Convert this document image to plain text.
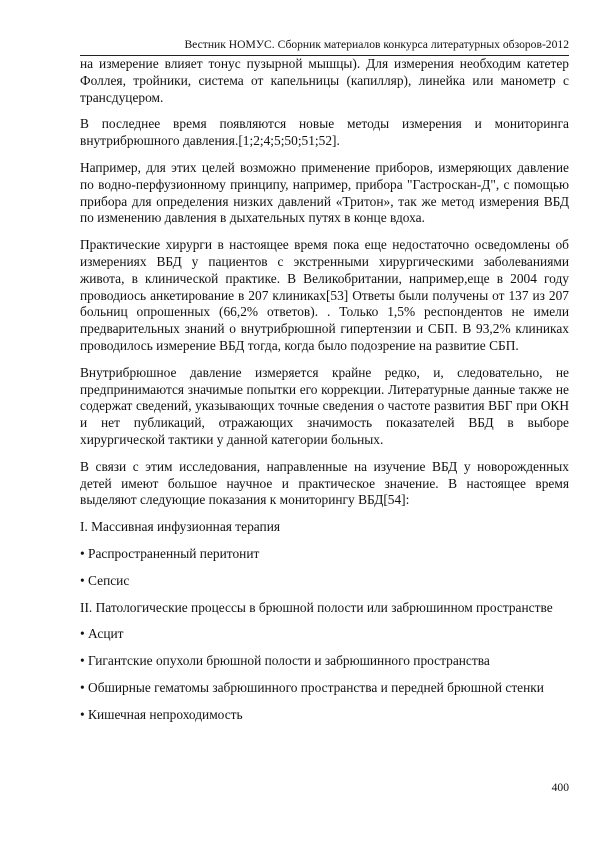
Вестник НОМУС. Сборник материалов конкурса литературных обзоров-2012

на измерение влияет тонус пузырной мышцы). Для измерения необходим катетер Фоллея, тройники, система от капельницы (капилляр), линейка или манометр с трансдуцером.

В последнее время появляются новые методы измерения и мониторинга внутрибрюшного давления.[1;2;4;5;50;51;52].

Например, для этих целей возможно применение приборов, измеряющих давление по водно-перфузионному принципу, например, прибора "Гастроскан-Д", с помощью прибора для определения низких давлений «Тритон», так же метод измерения ВБД по изменению давления в дыхательных путях в конце вдоха.

Практические хирурги в настоящее время пока еще недостаточно осведомлены об измерениях ВБД у пациентов с экстренными хирургическими заболеваниями живота, в клинической практике. В Великобритании, например,еще в 2004 году проводиось анкетирование в 207 клиниках[53] Ответы были получены от 137 из 207 больниц опрошенных (66,2% ответов). . Только 1,5% респондентов не имели предварительных знаний о внутрибрюшной гипертензии и СБП. В 93,2% клиниках проводилось измерение ВБД тогда, когда было подозрение на развитие СБП.

Внутрибрюшное давление измеряется крайне редко, и, следовательно, не предпринимаются значимые попытки его коррекции. Литературные данные также не содержат сведений, указывающих точные сведения о частоте развития ВБГ при ОКН и нет публикаций, отражающих значимость показателей ВБД в выборе хирургической тактики у данной категории больных.

В связи с этим исследования, направленные на изучение ВБД у новорожденных детей имеют большое научное и практическое значение. В настоящее время выделяют следующие показания к мониторингу ВБД[54]:

I. Массивная инфузионная терапия

• Распространенный перитонит

• Сепсис

II. Патологические процессы в брюшной полости или забрюшинном пространстве

• Асцит

• Гигантские опухоли брюшной полости и забрюшинного пространства

• Обширные гематомы забрюшинного пространства и передней брюшной стенки

• Кишечная непроходимость

400
